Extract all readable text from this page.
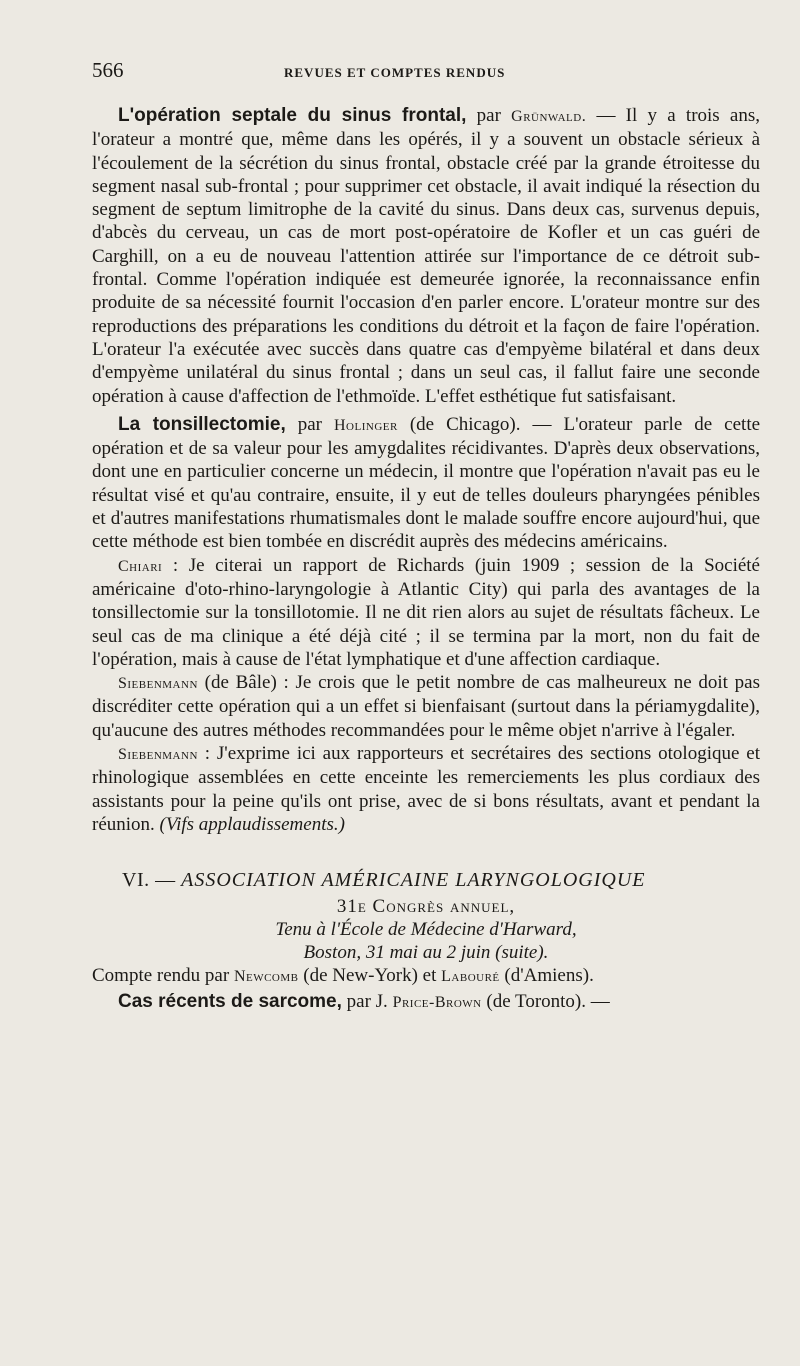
566	REVUES ET COMPTES RENDUS

L'opération septale du sinus frontal, par Grünwald. — Il y a trois ans, l'orateur a montré que, même dans les opérés, il y a souvent un obstacle sérieux à l'écoulement de la sécrétion du sinus frontal, obstacle créé par la grande étroitesse du segment nasal sub-frontal ; pour supprimer cet obstacle, il avait indiqué la résection du segment de septum limitrophe de la cavité du sinus. Dans deux cas, survenus depuis, d'abcès du cerveau, un cas de mort post-opératoire de Kofler et un cas guéri de Carghill, on a eu de nouveau l'attention attirée sur l'importance de ce détroit sub-frontal. Comme l'opération indiquée est demeurée ignorée, la reconnaissance enfin produite de sa nécessité fournit l'occasion d'en parler encore. L'orateur montre sur des reproductions des préparations les conditions du détroit et la façon de faire l'opération. L'orateur l'a exécutée avec succès dans quatre cas d'empyème bilatéral et dans deux d'empyème unilatéral du sinus frontal ; dans un seul cas, il fallut faire une seconde opération à cause d'affection de l'ethmoïde. L'effet esthétique fut satisfaisant.

La tonsillectomie, par Holinger (de Chicago). — L'orateur parle de cette opération et de sa valeur pour les amygdalites récidivantes. D'après deux observations, dont une en particulier concerne un médecin, il montre que l'opération n'avait pas eu le résultat visé et qu'au contraire, ensuite, il y eut de telles douleurs pharyngées pénibles et d'autres manifestations rhumatismales dont le malade souffre encore aujourd'hui, que cette méthode est bien tombée en discrédit auprès des médecins américains.

Chiari : Je citerai un rapport de Richards (juin 1909 ; session de la Société américaine d'oto-rhino-laryngologie à Atlantic City) qui parla des avantages de la tonsillectomie sur la tonsillotomie. Il ne dit rien alors au sujet de résultats fâcheux. Le seul cas de ma clinique a été déjà cité ; il se termina par la mort, non du fait de l'opération, mais à cause de l'état lymphatique et d'une affection cardiaque.

Siebenmann (de Bâle) : Je crois que le petit nombre de cas malheureux ne doit pas discréditer cette opération qui a un effet si bienfaisant (surtout dans la périamygdalite), qu'aucune des autres méthodes recommandées pour le même objet n'arrive à l'égaler.

Siebenmann : J'exprime ici aux rapporteurs et secrétaires des sections otologique et rhinologique assemblées en cette enceinte les remerciements les plus cordiaux des assistants pour la peine qu'ils ont prise, avec de si bons résultats, avant et pendant la réunion. (Vifs applaudissements.)

VI. — ASSOCIATION AMÉRICAINE LARYNGOLOGIQUE

31e Congrès annuel,

Tenu à l'École de Médecine d'Harward,

Boston, 31 mai au 2 juin (suite).

Compte rendu par Newcomb (de New-York) et Labouré (d'Amiens).

Cas récents de sarcome, par J. Price-Brown (de Toronto). —
